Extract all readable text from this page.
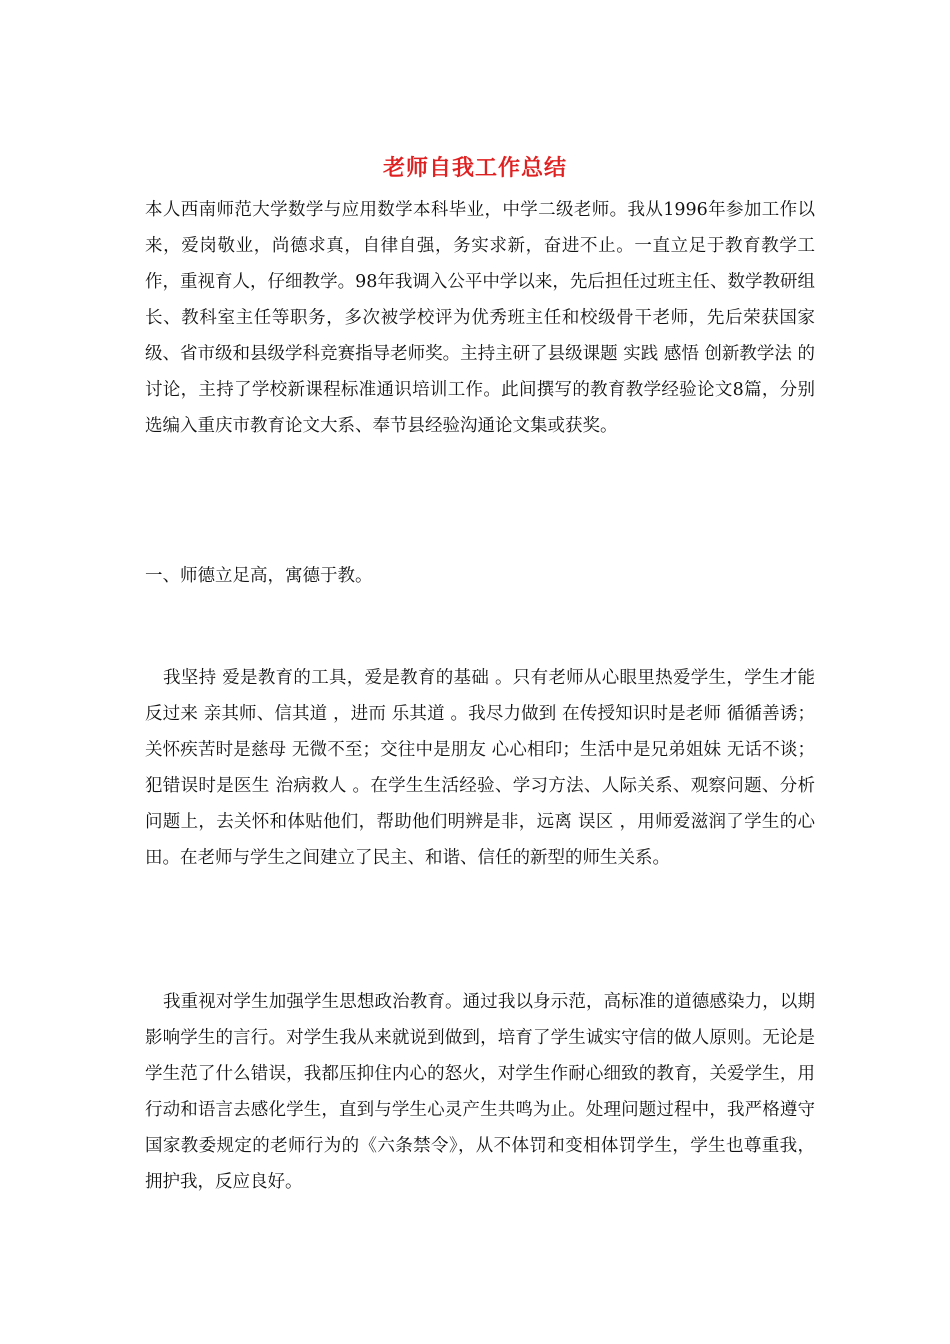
老师自我工作总结
本人西南师范大学数学与应用数学本科毕业，中学二级老师。我从1996年参加工作以来，爱岗敬业，尚德求真，自律自强，务实求新，奋进不止。一直立足于教育教学工作，重视育人，仔细教学。98年我调入公平中学以来，先后担任过班主任、数学教研组长、教科室主任等职务，多次被学校评为优秀班主任和校级骨干老师，先后荣获国家级、省市级和县级学科竞赛指导老师奖。主持主研了县级课题 实践 感悟 创新教学法 的讨论，主持了学校新课程标准通识培训工作。此间撰写的教育教学经验论文8篇，分别选编入重庆市教育论文大系、奉节县经验沟通论文集或获奖。
一、师德立足高，寓德于教。
我坚持 爱是教育的工具，爱是教育的基础 。只有老师从心眼里热爱学生，学生才能反过来 亲其师、信其道 ，进而 乐其道 。我尽力做到 在传授知识时是老师 循循善诱；关怀疾苦时是慈母 无微不至；交往中是朋友 心心相印；生活中是兄弟姐妹 无话不谈；犯错误时是医生 治病救人 。在学生生活经验、学习方法、人际关系、观察问题、分析问题上，去关怀和体贴他们，帮助他们明辨是非，远离 误区 ，用师爱滋润了学生的心田。在老师与学生之间建立了民主、和谐、信任的新型的师生关系。
我重视对学生加强学生思想政治教育。通过我以身示范，高标准的道德感染力，以期影响学生的言行。对学生我从来就说到做到，培育了学生诚实守信的做人原则。无论是学生范了什么错误，我都压抑住内心的怒火，对学生作耐心细致的教育，关爱学生，用行动和语言去感化学生，直到与学生心灵产生共鸣为止。处理问题过程中，我严格遵守国家教委规定的老师行为的《六条禁令》，从不体罚和变相体罚学生，学生也尊重我，拥护我，反应良好。
